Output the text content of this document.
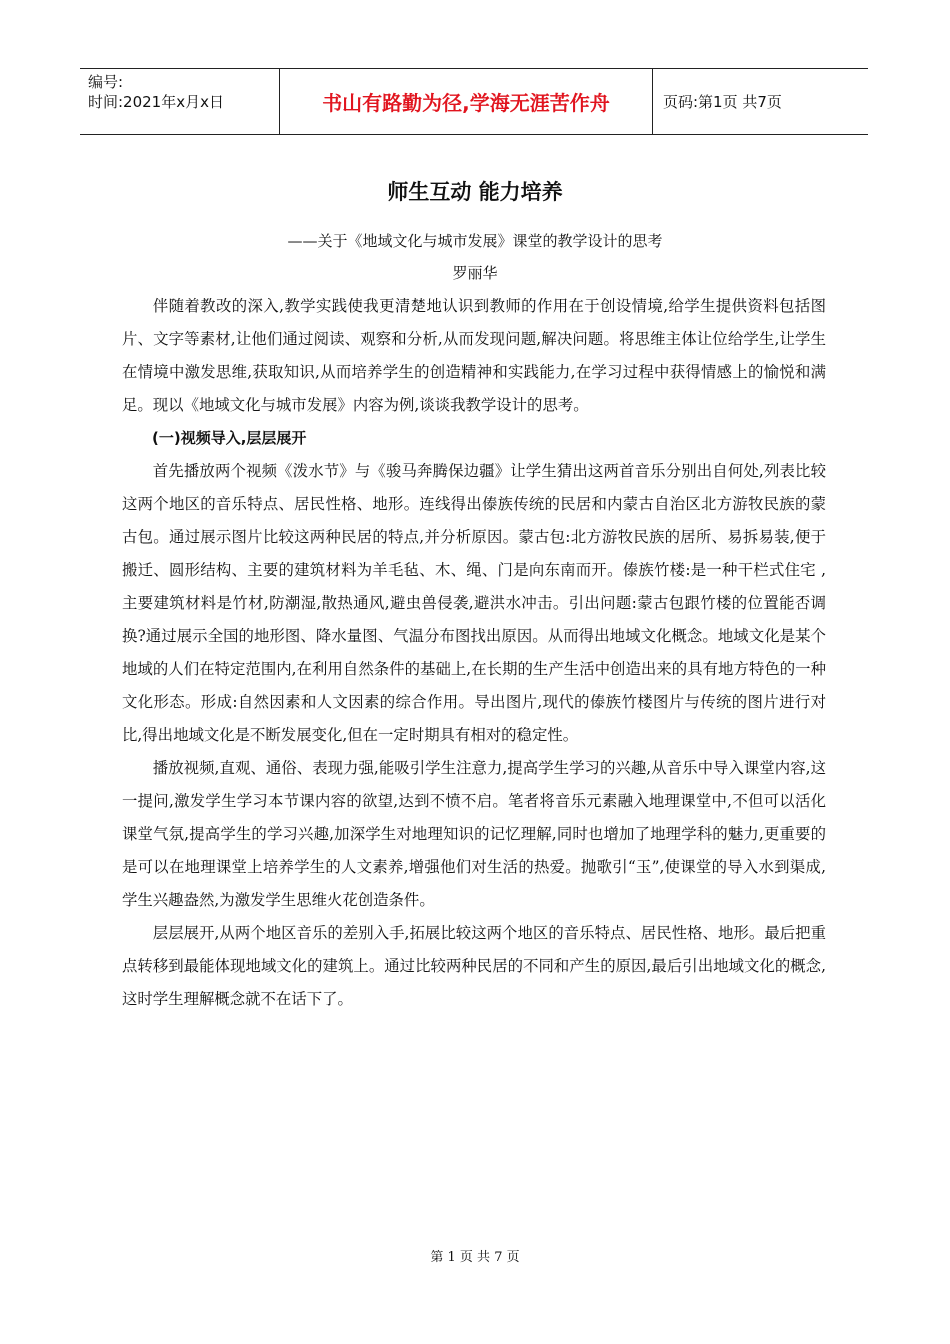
编号:
时间:2021年x月x日	书山有路勤为径,学海无涯苦作舟	页码:第1页 共7页
师生互动 能力培养
——关于《地域文化与城市发展》课堂的教学设计的思考
罗丽华

伴随着教改的深入,教学实践使我更清楚地认识到教师的作用在于创设情境,给学生提供资料包括图片、文字等素材,让他们通过阅读、观察和分析,从而发现问题,解决问题。将思维主体让位给学生,让学生在情境中激发思维,获取知识,从而培养学生的创造精神和实践能力,在学习过程中获得情感上的愉悦和满足。现以《地域文化与城市发展》内容为例,谈谈我教学设计的思考。

(一)视频导入,层层展开

首先播放两个视频《泼水节》与《骏马奔腾保边疆》让学生猜出这两首音乐分别出自何处,列表比较这两个地区的音乐特点、居民性格、地形。连线得出傣族传统的民居和内蒙古自治区北方游牧民族的蒙古包。通过展示图片比较这两种民居的特点,并分析原因。蒙古包:北方游牧民族的居所、易拆易装,便于搬迁、圆形结构、主要的建筑材料为羊毛毡、木、绳、门是向东南而开。傣族竹楼:是一种干栏式住宅 ,主要建筑材料是竹材,防潮湿,散热通风,避虫兽侵袭,避洪水冲击。引出问题:蒙古包跟竹楼的位置能否调换?通过展示全国的地形图、降水量图、气温分布图找出原因。从而得出地域文化概念。地域文化是某个地域的人们在特定范围内,在利用自然条件的基础上,在长期的生产生活中创造出来的具有地方特色的一种文化形态。形成:自然因素和人文因素的综合作用。导出图片,现代的傣族竹楼图片与传统的图片进行对比,得出地域文化是不断发展变化,但在一定时期具有相对的稳定性。

播放视频,直观、通俗、表现力强,能吸引学生注意力,提高学生学习的兴趣,从音乐中导入课堂内容,这一提问,激发学生学习本节课内容的欲望,达到不愤不启。笔者将音乐元素融入地理课堂中,不但可以活化课堂气氛,提高学生的学习兴趣,加深学生对地理知识的记忆理解,同时也增加了地理学科的魅力,更重要的是可以在地理课堂上培养学生的人文素养,增强他们对生活的热爱。抛歌引“玉”,使课堂的导入水到渠成,学生兴趣盎然,为激发学生思维火花创造条件。

层层展开,从两个地区音乐的差别入手,拓展比较这两个地区的音乐特点、居民性格、地形。最后把重点转移到最能体现地域文化的建筑上。通过比较两种民居的不同和产生的原因,最后引出地域文化的概念,这时学生理解概念就不在话下了。

第 1 页 共 7 页
